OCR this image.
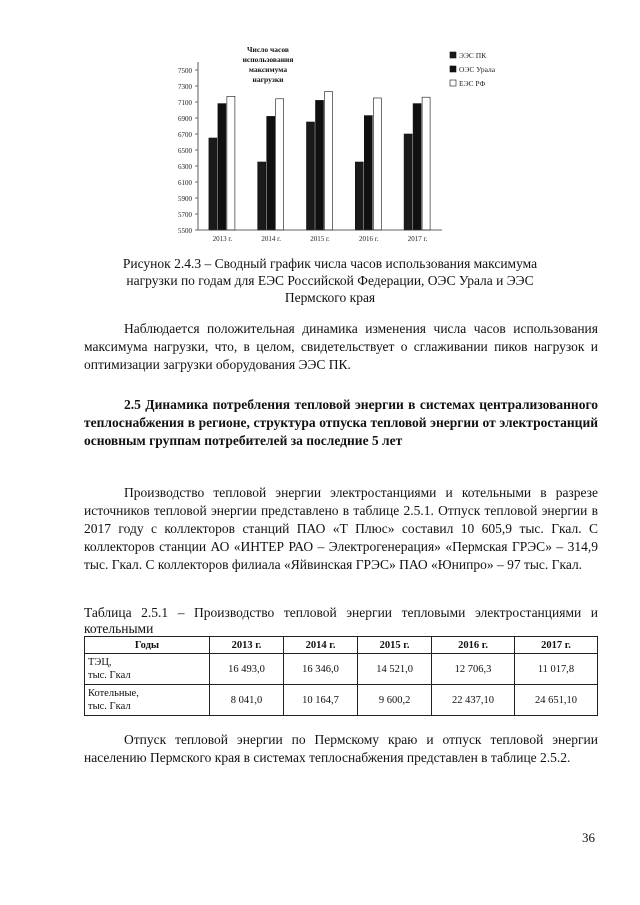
Число часов использования максимума нагрузки
5500
5700
5900
6100
6300
6500
6700
6900
7100
7300
7500
2013 г.	2014 г.	2015 г.	2016 г.	2017 г.
ЭЭС ПК
ОЭС Урала
ЕЭС РФ
Рисунок 2.4.3 – Сводный график числа часов использования максимума нагрузки по годам для ЕЭС Российской Федерации, ОЭС Урала и ЭЭС Пермского края
Наблюдается положительная динамика изменения числа часов использования максимума нагрузки, что, в целом, свидетельствует о сглаживании пиков нагрузок и оптимизации загрузки оборудования ЭЭС ПК.
2.5 Динамика потребления тепловой энергии в системах централизованного теплоснабжения в регионе, структура отпуска тепловой энергии от электростанций основным группам потребителей за последние 5 лет
Производство тепловой энергии электростанциями и котельными в разрезе источников тепловой энергии представлено в таблице 2.5.1. Отпуск тепловой энергии в 2017 году с коллекторов станций ПАО «Т Плюс» составил 10 605,9 тыс. Гкал. С коллекторов станции АО «ИНТЕР РАО – Электрогенерация» «Пермская ГРЭС» – 314,9 тыс. Гкал. С коллекторов филиала «Яйвинская ГРЭС» ПАО «Юнипро» – 97 тыс. Гкал.
Таблица 2.5.1 – Производство тепловой энергии тепловыми электростанциями и котельными
Годы	2013 г.	2014 г.	2015 г.	2016 г.	2017 г.
ТЭЦ,
тыс. Гкал	16 493,0	16 346,0	14 521,0	12 706,3	11 017,8
Котельные,
тыс. Гкал	8 041,0	10 164,7	9 600,2	22 437,10	24 651,10
Отпуск тепловой энергии по Пермскому краю и отпуск тепловой энергии населению Пермского края в системах теплоснабжения представлен в таблице 2.5.2.
36
